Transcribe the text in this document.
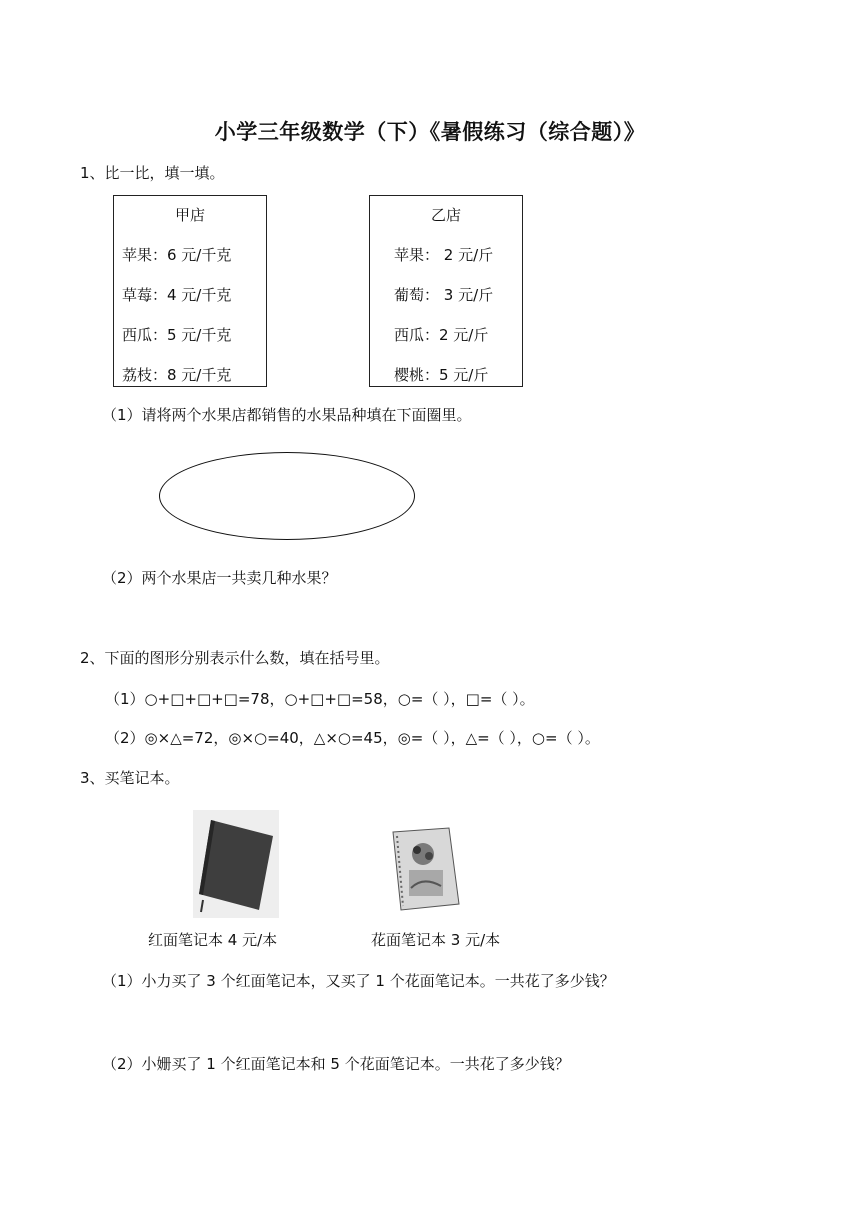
小学三年级数学（下）《暑假练习（综合题）》
1、比一比，填一填。
甲店
苹果：6 元/千克
草莓：4 元/千克
西瓜：5 元/千克
荔枝：8 元/千克
乙店
苹果： 2 元/斤
葡萄： 3 元/斤
西瓜：2 元/斤
樱桃：5 元/斤
（1）请将两个水果店都销售的水果品种填在下面圈里。
（2）两个水果店一共卖几种水果？
2、下面的图形分别表示什么数，填在括号里。
（1）○+□+□+□=78，○+□+□=58，○=（ ），□=（ ）。
（2）◎×△=72，◎×○=40，△×○=45，◎=（ ），△=（ ），○=（ ）。
3、买笔记本。
红面笔记本 4 元/本	花面笔记本 3 元/本
（1）小力买了 3 个红面笔记本，又买了 1 个花面笔记本。一共花了多少钱？
（2）小姗买了 1 个红面笔记本和 5 个花面笔记本。一共花了多少钱？
